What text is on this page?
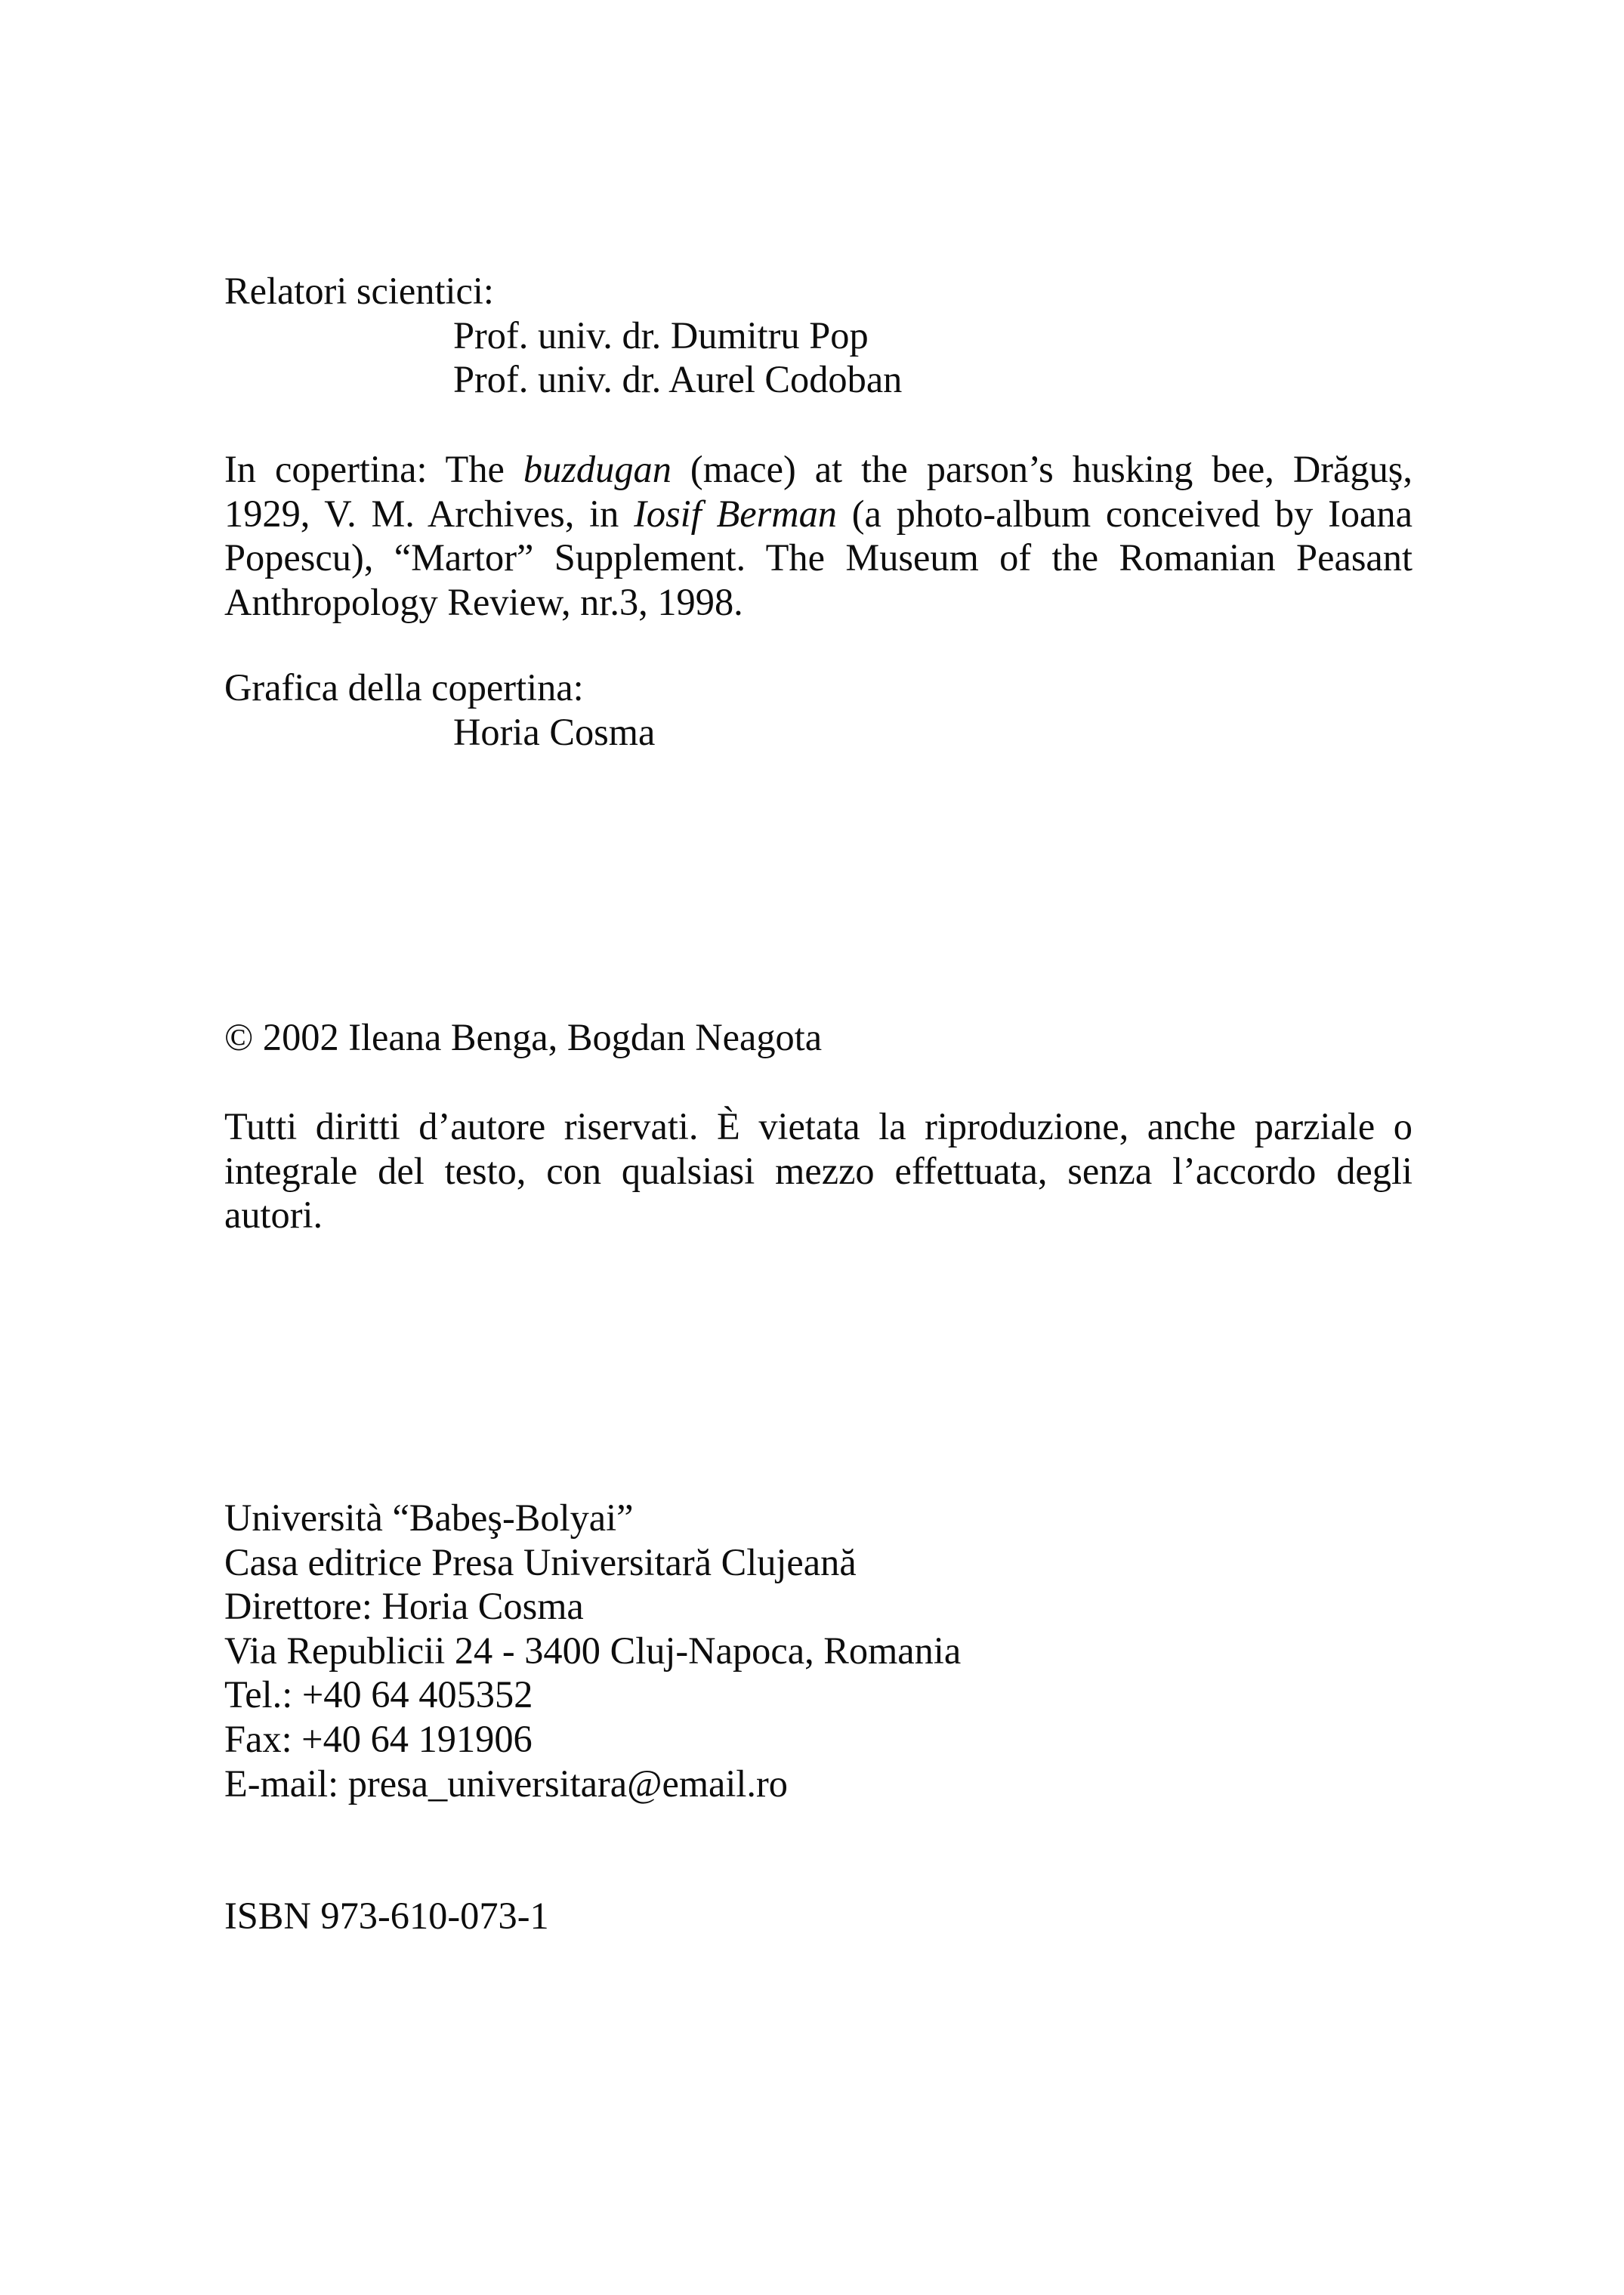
Relatori scientici:
Prof. univ. dr. Dumitru Pop
Prof. univ. dr. Aurel Codoban
In copertina: The buzdugan (mace) at the parson’s husking bee, Drăguş,
1929, V. M. Archives, in Iosif Berman (a photo-album conceived by Ioana
Popescu), “Martor” Supplement. The Museum of the Romanian Peasant
Anthropology Review, nr.3, 1998.
Grafica della copertina:
Horia Cosma
© 2002 Ileana Benga, Bogdan Neagota
Tutti diritti d’autore riservati. È vietata la riproduzione, anche parziale o
integrale del testo, con qualsiasi mezzo effettuata, senza l’accordo degli
autori.
Università “Babeş-Bolyai”
Casa editrice Presa Universitară Clujeană
Direttore: Horia Cosma
Via Republicii 24 - 3400 Cluj-Napoca, Romania
Tel.: +40 64 405352
Fax: +40 64 191906
E-mail: presa_universitara@email.ro
ISBN 973-610-073-1
